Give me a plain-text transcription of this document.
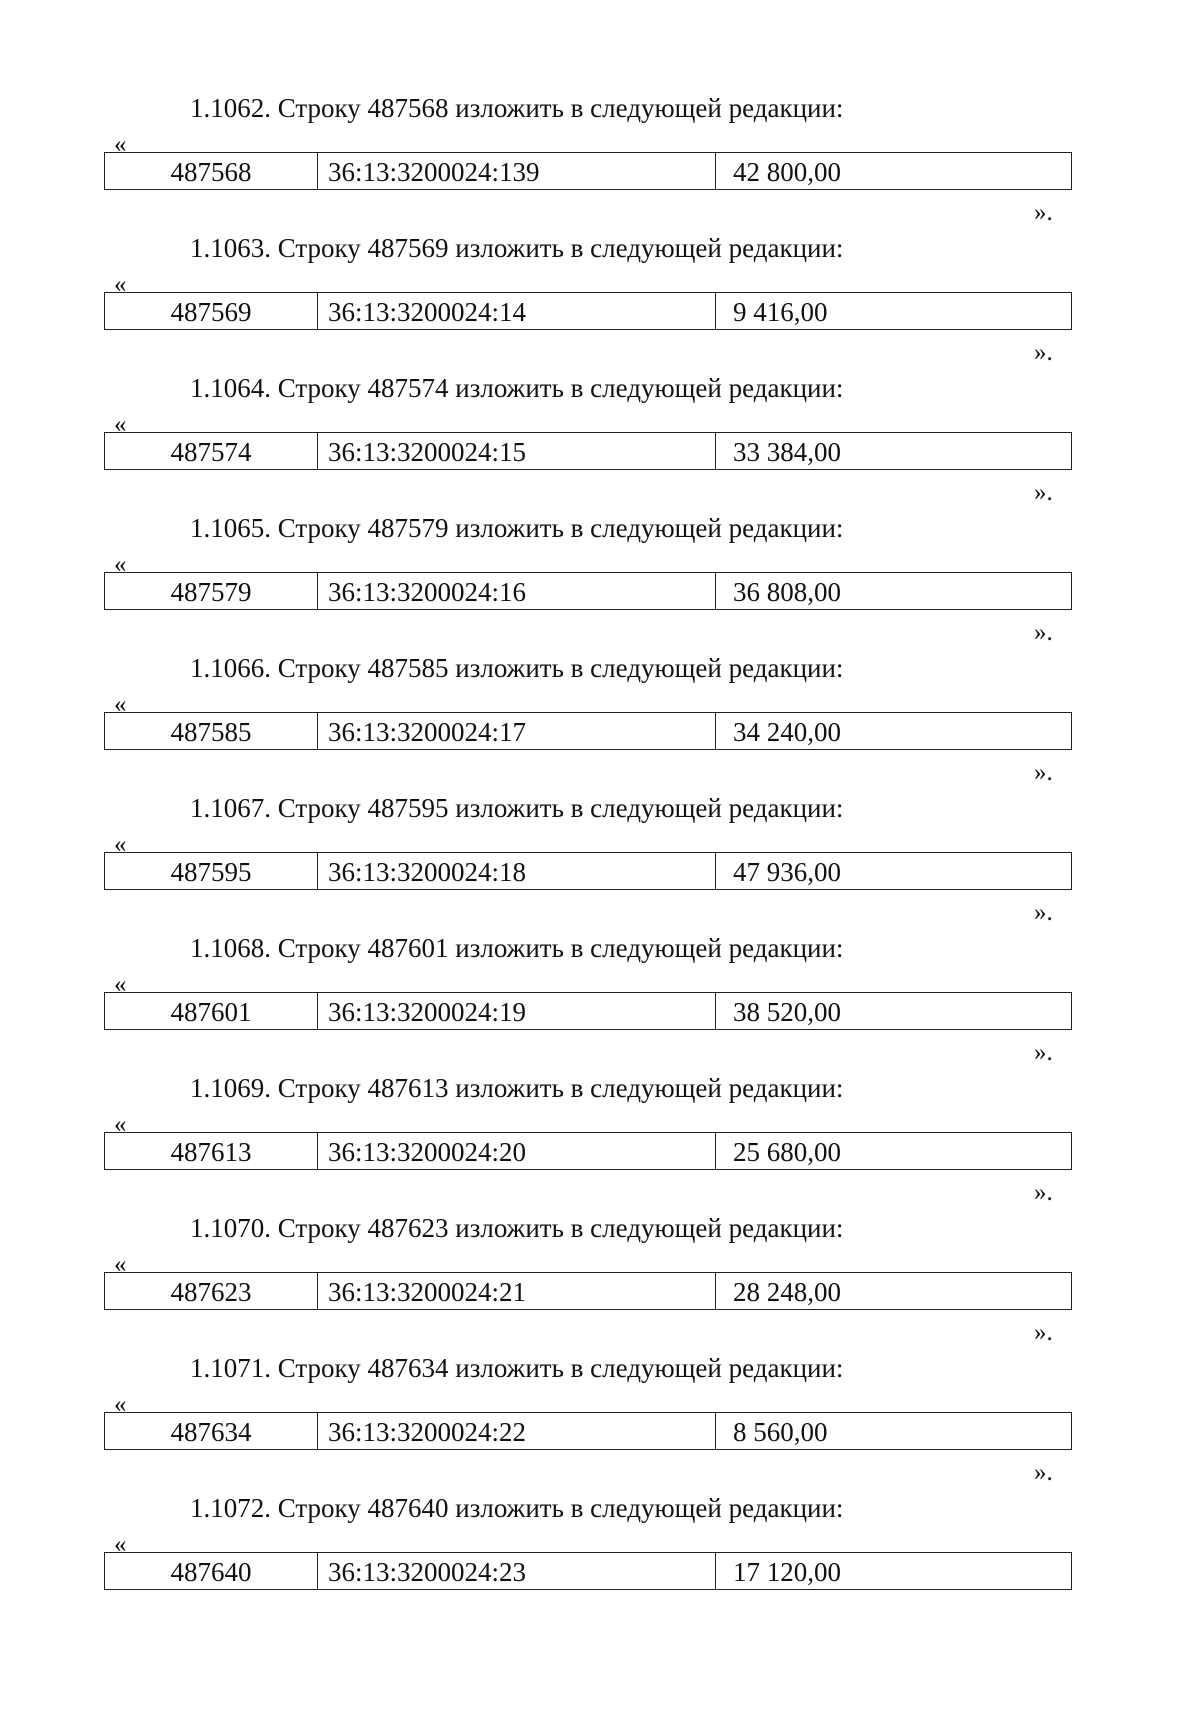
1.1062. Строку 487568 изложить в следующей редакции:
«
487568	36:13:3200024:139	42 800,00
».
1.1063. Строку 487569 изложить в следующей редакции:
«
487569	36:13:3200024:14	9 416,00
».
1.1064. Строку 487574 изложить в следующей редакции:
«
487574	36:13:3200024:15	33 384,00
».
1.1065. Строку 487579 изложить в следующей редакции:
«
487579	36:13:3200024:16	36 808,00
».
1.1066. Строку 487585 изложить в следующей редакции:
«
487585	36:13:3200024:17	34 240,00
».
1.1067. Строку 487595 изложить в следующей редакции:
«
487595	36:13:3200024:18	47 936,00
».
1.1068. Строку 487601 изложить в следующей редакции:
«
487601	36:13:3200024:19	38 520,00
».
1.1069. Строку 487613 изложить в следующей редакции:
«
487613	36:13:3200024:20	25 680,00
».
1.1070. Строку 487623 изложить в следующей редакции:
«
487623	36:13:3200024:21	28 248,00
».
1.1071. Строку 487634 изложить в следующей редакции:
«
487634	36:13:3200024:22	8 560,00
».
1.1072. Строку 487640 изложить в следующей редакции:
«
487640	36:13:3200024:23	17 120,00
